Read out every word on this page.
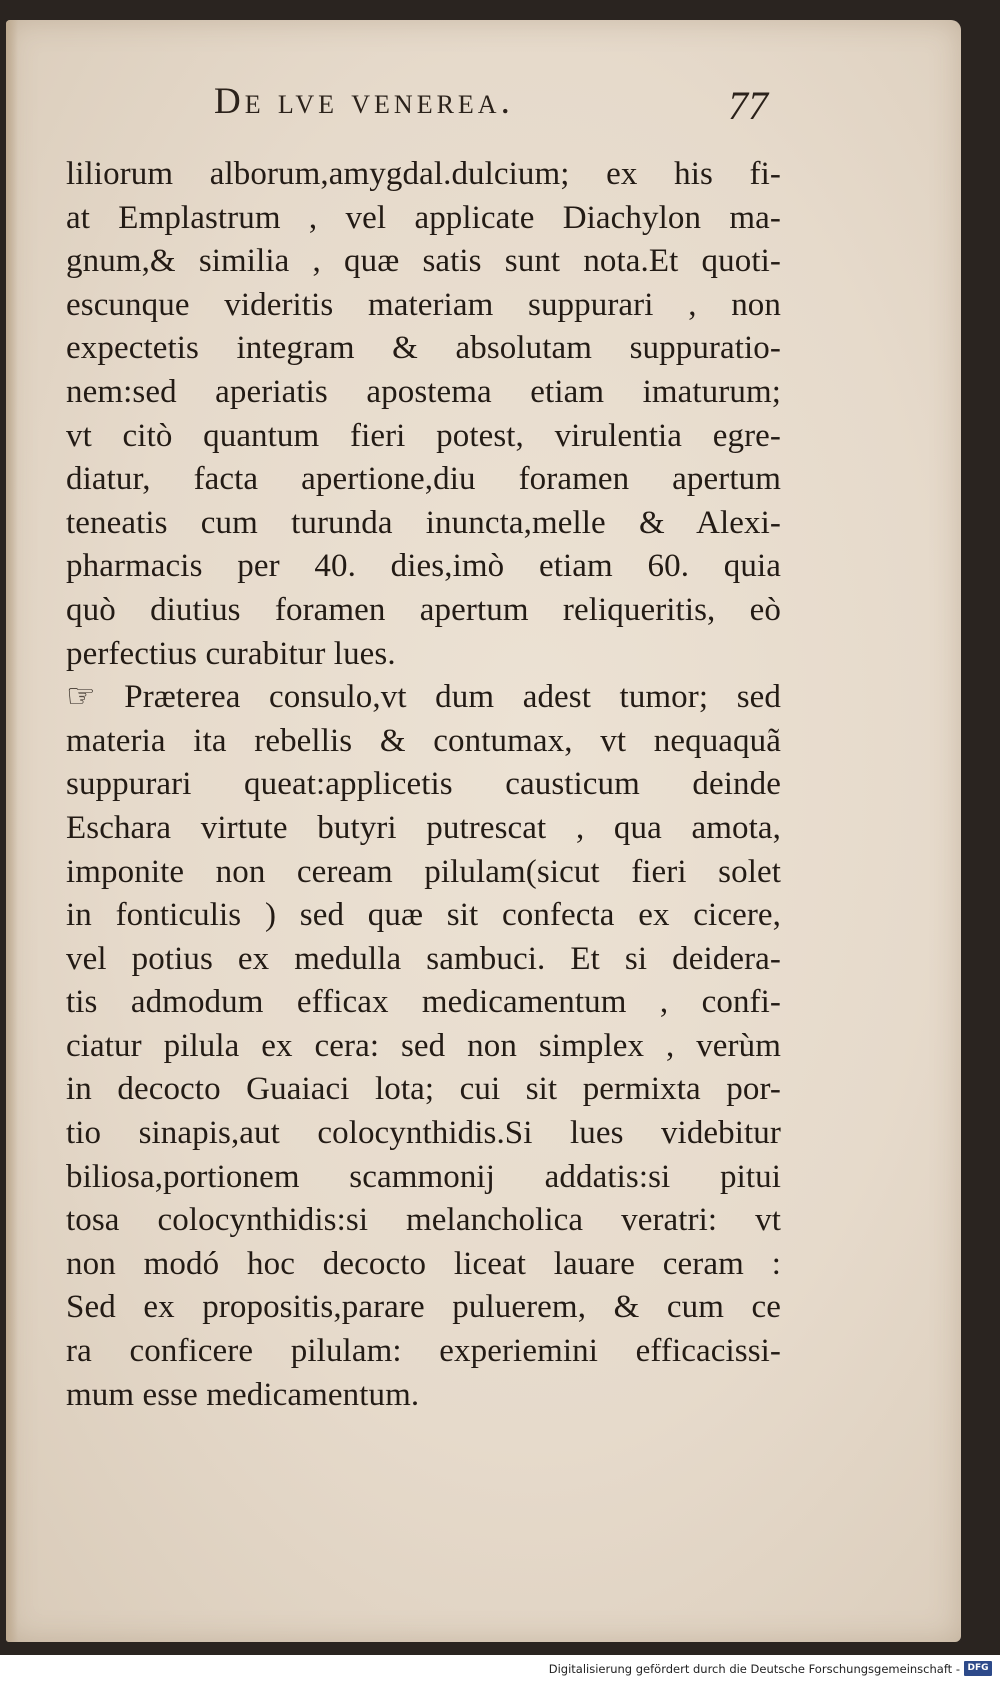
De lve venerea.	77
liliorum alborum,amygdal.dulcium; ex his fi-
at Emplastrum , vel applicate Diachylon ma-
gnum,& similia , quæ satis sunt nota.Et quoti-
escunque videritis materiam suppurari , non
expectetis integram & absolutam suppuratio-
nem:sed aperiatis apostema etiam imaturum;
vt citò quantum fieri potest, virulentia egre-
diatur, facta apertione,diu foramen apertum
teneatis cum turunda inuncta,melle & Alexi-
pharmacis per 40. dies,imò etiam 60. quia
quò diutius foramen apertum reliqueritis, eò
perfectius curabitur lues.
☞ Præterea consulo,vt dum adest tumor; sed
materia ita rebellis & contumax, vt nequaquã
suppurari queat:applicetis causticum deinde
Eschara virtute butyri putrescat , qua amota,
imponite non ceream pilulam(sicut fieri solet
in fonticulis ) sed quæ sit confecta ex cicere,
vel potius ex medulla sambuci. Et si deidera-
tis admodum efficax medicamentum , confi-
ciatur pilula ex cera: sed non simplex , verùm
in decocto Guaiaci lota; cui sit permixta por-
tio sinapis,aut colocynthidis.Si lues videbitur
biliosa,portionem scammonij addatis:si pitui
tosa colocynthidis:si melancholica veratri: vt
non modó hoc decocto liceat lauare ceram :
Sed ex propositis,parare puluerem, & cum ce
ra conficere pilulam: experiemini efficacissi-
mum esse medicamentum.
Digitalisierung gefördert durch die Deutsche Forschungsgemeinschaft - DFG
